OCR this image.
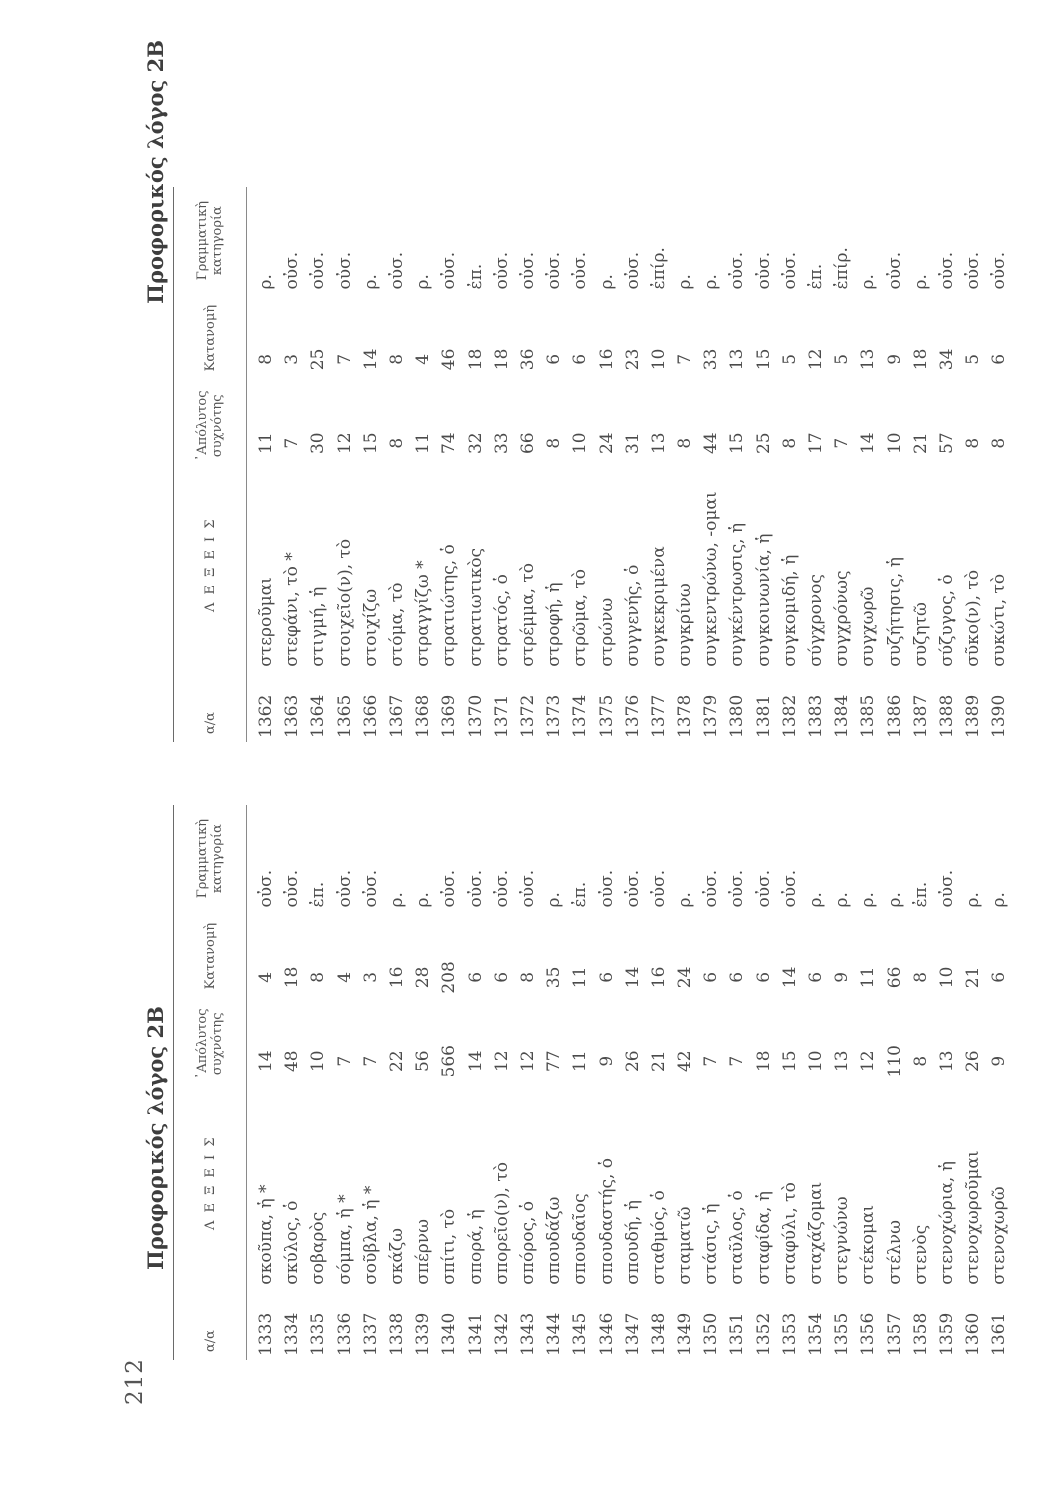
212
Προφορικός λόγος 2Β
Προφορικός λόγος 2Β
α/α
Λ Ε Ξ Ε Ι Σ
᾿Απόλυτος
συχνότης
Κατανομὴ
Γραμματικὴ
κατηγορία
1333
σκοῦπα, ἡ *
14
4
οὐσ.
1334
σκύλος, ὁ
48
18
οὐσ.
1335
σοβαρὸς
10
8
ἐπ.
1336
σόμπα, ἡ *
7
4
οὐσ.
1337
σοῦβλα, ἡ *
7
3
οὐσ.
1338
σκάζω
22
16
ρ.
1339
σπέρνω
56
28
ρ.
1340
σπίτι, τὸ
566
208
οὐσ.
1341
σπορά, ἡ
14
6
οὐσ.
1342
σπορεῖο(ν), τὸ
12
6
οὐσ.
1343
σπόρος, ὁ
12
8
οὐσ.
1344
σπουδάζω
77
35
ρ.
1345
σπουδαῖος
11
11
ἐπ.
1346
σπουδαστής, ὁ
9
6
οὐσ.
1347
σπουδή, ἡ
26
14
οὐσ.
1348
σταθμός, ὁ
21
16
οὐσ.
1349
σταματῶ
42
24
ρ.
1350
στάσις, ἡ
7
6
οὐσ.
1351
σταῦλος, ὁ
7
6
οὐσ.
1352
σταφίδα, ἡ
18
6
οὐσ.
1353
σταφύλι, τὸ
15
14
οὐσ.
1354
σταχάζομαι
10
6
ρ.
1355
στεγνώνω
13
9
ρ.
1356
στέκομαι
12
11
ρ.
1357
στέλνω
110
66
ρ.
1358
στενὸς
8
8
ἐπ.
1359
στενοχώρια, ἡ
13
10
οὐσ.
1360
στενοχωροῦμαι
26
21
ρ.
1361
στενοχωρῶ
9
6
ρ.
α/α
Λ Ε Ξ Ε Ι Σ
᾿Απόλυτος
συχνότης
Κατανομὴ
Γραμματικὴ
κατηγορία
1362
στεροῦμαι
11
8
ρ.
1363
στεφάνι, τὸ *
7
3
οὐσ.
1364
στιγμή, ἡ
30
25
οὐσ.
1365
στοιχεῖο(ν), τὸ
12
7
οὐσ.
1366
στοιχίζω
15
14
ρ.
1367
στόμα, τὸ
8
8
οὐσ.
1368
στραγγίζω *
11
4
ρ.
1369
στρατιώτης, ὁ
74
46
οὐσ.
1370
στρατιωτικὸς
32
18
ἐπ.
1371
στρατός, ὁ
33
18
οὐσ.
1372
στρέμμα, τὸ
66
36
οὐσ.
1373
στροφή, ἡ
8
6
οὐσ.
1374
στρῶμα, τὸ
10
6
οὐσ.
1375
στρώνω
24
16
ρ.
1376
συγγενής, ὁ
31
23
οὐσ.
1377
συγκεκριμένα
13
10
ἐπίρ.
1378
συγκρίνω
8
7
ρ.
1379
συγκεντρώνω, -ομαι
44
33
ρ.
1380
συγκέντρωσις, ἡ
15
13
οὐσ.
1381
συγκοινωνία, ἡ
25
15
οὐσ.
1382
συγκομιδή, ἡ
8
5
οὐσ.
1383
σύγχρονος
17
12
ἐπ.
1384
συγχρόνως
7
5
ἐπίρ.
1385
συγχωρῶ
14
13
ρ.
1386
συζήτησις, ἡ
10
9
οὐσ.
1387
συζητῶ
21
18
ρ.
1388
σύζυγος, ὁ
57
34
οὐσ.
1389
σῦκο(ν), τὸ
8
5
οὐσ.
1390
συκώτι, τὸ
8
6
οὐσ.
